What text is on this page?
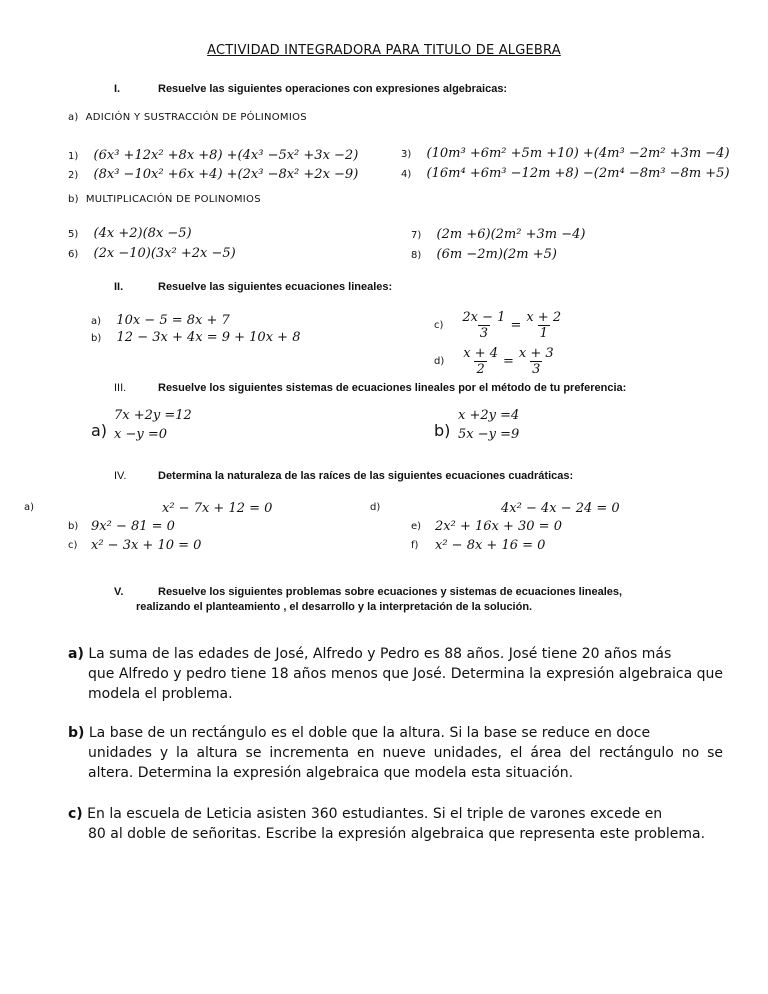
ACTIVIDAD INTEGRADORA PARA TITULO DE ALGEBRA
I.	Resuelve las siguientes operaciones con expresiones algebraicas:
a) ADICIÓN Y SUSTRACCIÓN DE PÓLINOMIOS
1) (6x³ +12x² +8x +8) +(4x³ −5x² +3x −2)
2) (8x³ −10x² +6x +4) +(2x³ −8x² +2x −9)
3) (10m³ +6m² +5m +10) +(4m³ −2m² +3m −4)
4) (16m⁴ +6m³ −12m +8) −(2m⁴ −8m³ −8m +5)
b) MULTIPLICACIÓN DE POLINOMIOS
5) (4x +2)(8x −5)
6) (2x −10)(3x² +2x −5)
7) (2m +6)(2m² +3m −4)
8) (6m −2m)(2m +5)
II.	Resuelve las siguientes ecuaciones lineales:
a) 10x − 5 = 8x + 7
b) 12 − 3x + 4x = 9 + 10x + 8
$c) \frac{2x - 1}{3} = \frac{x + 2}{1}$
$d) \frac{x + 4}{2} = \frac{x + 3}{3}$
III.	Resuelve los siguientes sistemas de ecuaciones lineales por el método de tu preferencia:
a)
7x +2y =12
x −y =0	b)
x +2y =4
5x −y =9
IV.	Determina la naturaleza de las raíces de las siguientes ecuaciones cuadráticas:
a)	x² − 7x + 12 = 0
b) 9x² − 81 = 0
c) x² − 3x + 10 = 0
d)	4x² − 4x − 24 = 0
e) 2x² + 16x + 30 = 0
f) x² − 8x + 16 = 0
V.	Resuelve los siguientes problemas sobre ecuaciones y sistemas de ecuaciones lineales,
realizando el planteamiento , el desarrollo y la interpretación de la solución.
a) La suma de las edades de José, Alfredo y Pedro es 88 años. José tiene 20 años más
que Alfredo y pedro tiene 18 años menos que José. Determina la expresión algebraica que modela el problema.
b) La base de un rectángulo es el doble que la altura. Si la base se reduce en doce
unidades y la altura se incrementa en nueve unidades, el área del rectángulo no se altera. Determina la expresión algebraica que modela esta situación.
c) En la escuela de Leticia asisten 360 estudiantes. Si el triple de varones excede en
80 al doble de señoritas. Escribe la expresión algebraica que representa este problema.
